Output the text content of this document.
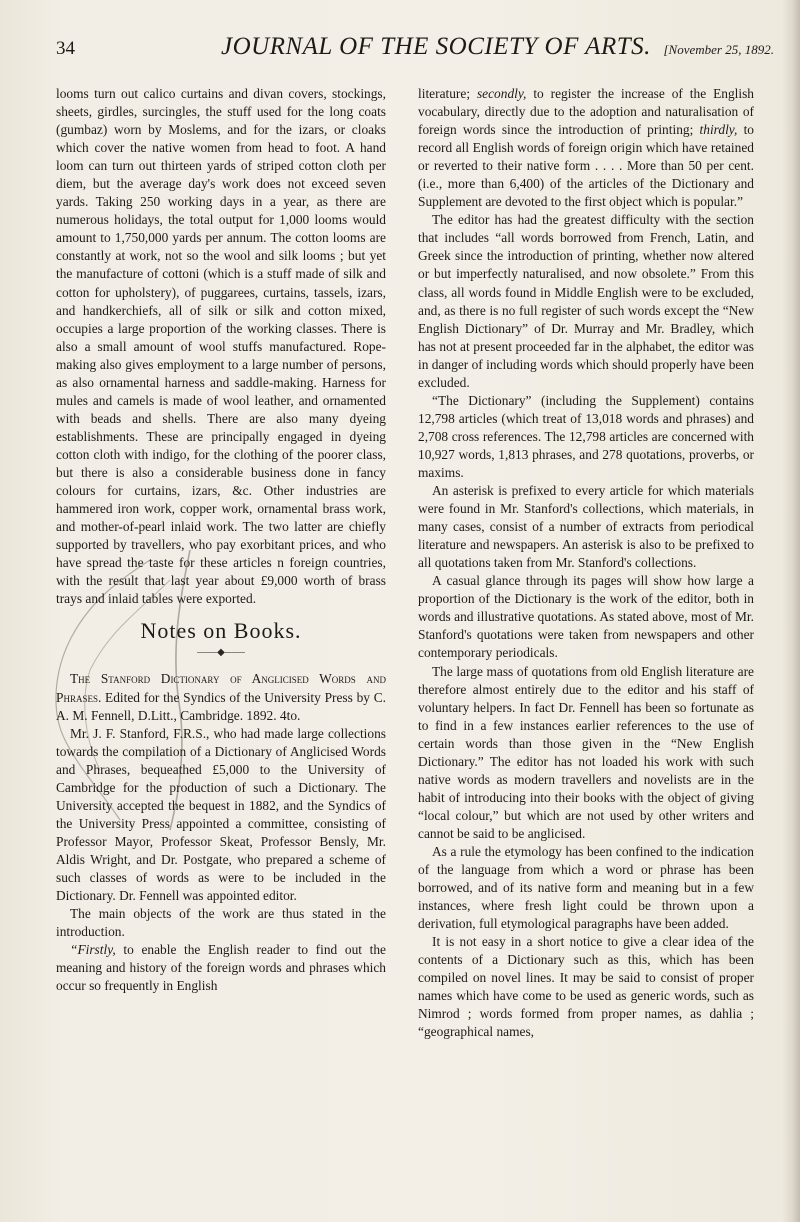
34	JOURNAL OF THE SOCIETY OF ARTS. [November 25, 1892.

looms turn out calico curtains and divan covers, stockings, sheets, girdles, surcingles, the stuff used for the long coats (gumbaz) worn by Moslems, and for the izars, or cloaks which cover the native women from head to foot. A hand loom can turn out thirteen yards of striped cotton cloth per diem, but the average day's work does not exceed seven yards. Taking 250 working days in a year, as there are numerous holidays, the total output for 1,000 looms would amount to 1,750,000 yards per annum. The cotton looms are constantly at work, not so the wool and silk looms ; but yet the manufacture of cottoni (which is a stuff made of silk and cotton for upholstery), of puggarees, curtains, tassels, izars, and handkerchiefs, all of silk or silk and cotton mixed, occupies a large proportion of the working classes. There is also a small amount of wool stuffs manufactured. Rope-making also gives employment to a large number of persons, as also ornamental harness and saddle-making. Harness for mules and camels is made of wool leather, and ornamented with beads and shells. There are also many dyeing establishments. These are principally engaged in dyeing cotton cloth with indigo, for the clothing of the poorer class, but there is also a considerable business done in fancy colours for curtains, izars, &c. Other industries are hammered iron work, copper work, ornamental brass work, and mother-of-pearl inlaid work. The two latter are chiefly supported by travellers, who pay exorbitant prices, and who have spread the taste for these articles n foreign countries, with the result that last year about £9,000 worth of brass trays and inlaid tables were exported.

Notes on Books.
——◆——

The Stanford Dictionary of Anglicised Words and Phrases. Edited for the Syndics of the University Press by C. A. M. Fennell, D.Litt., Cambridge. 1892. 4to.

Mr. J. F. Stanford, F.R.S., who had made large collections towards the compilation of a Dictionary of Anglicised Words and Phrases, bequeathed £5,000 to the University of Cambridge for the production of such a Dictionary. The University accepted the bequest in 1882, and the Syndics of the University Press appointed a committee, consisting of Professor Mayor, Professor Skeat, Professor Bensly, Mr. Aldis Wright, and Dr. Postgate, who prepared a scheme of such classes of words as were to be included in the Dictionary. Dr. Fennell was appointed editor.

The main objects of the work are thus stated in the introduction.

“Firstly, to enable the English reader to find out the meaning and history of the foreign words and phrases which occur so frequently in English

literature; secondly, to register the increase of the English vocabulary, directly due to the adoption and naturalisation of foreign words since the introduction of printing; thirdly, to record all English words of foreign origin which have retained or reverted to their native form . . . . More than 50 per cent. (i.e., more than 6,400) of the articles of the Dictionary and Supplement are devoted to the first object which is popular.”

The editor has had the greatest difficulty with the section that includes “all words borrowed from French, Latin, and Greek since the introduction of printing, whether now altered or but imperfectly naturalised, and now obsolete.” From this class, all words found in Middle English were to be excluded, and, as there is no full register of such words except the “New English Dictionary” of Dr. Murray and Mr. Bradley, which has not at present proceeded far in the alphabet, the editor was in danger of including words which should properly have been excluded.

“The Dictionary” (including the Supplement) contains 12,798 articles (which treat of 13,018 words and phrases) and 2,708 cross references. The 12,798 articles are concerned with 10,927 words, 1,813 phrases, and 278 quotations, proverbs, or maxims.

An asterisk is prefixed to every article for which materials were found in Mr. Stanford's collections, which materials, in many cases, consist of a number of extracts from periodical literature and newspapers. An asterisk is also to be prefixed to all quotations taken from Mr. Stanford's collections.

A casual glance through its pages will show how large a proportion of the Dictionary is the work of the editor, both in words and illustrative quotations. As stated above, most of Mr. Stanford's quotations were taken from newspapers and other contemporary periodicals.

The large mass of quotations from old English literature are therefore almost entirely due to the editor and his staff of voluntary helpers. In fact Dr. Fennell has been so fortunate as to find in a few instances earlier references to the use of certain words than those given in the “New English Dictionary.” The editor has not loaded his work with such native words as modern travellers and novelists are in the habit of introducing into their books with the object of giving “local colour,” but which are not used by other writers and cannot be said to be anglicised.

As a rule the etymology has been confined to the indication of the language from which a word or phrase has been borrowed, and of its native form and meaning but in a few instances, where fresh light could be thrown upon a derivation, full etymological paragraphs have been added.

It is not easy in a short notice to give a clear idea of the contents of a Dictionary such as this, which has been compiled on novel lines. It may be said to consist of proper names which have come to be used as generic words, such as Nimrod ; words formed from proper names, as dahlia ; “geographical names,
